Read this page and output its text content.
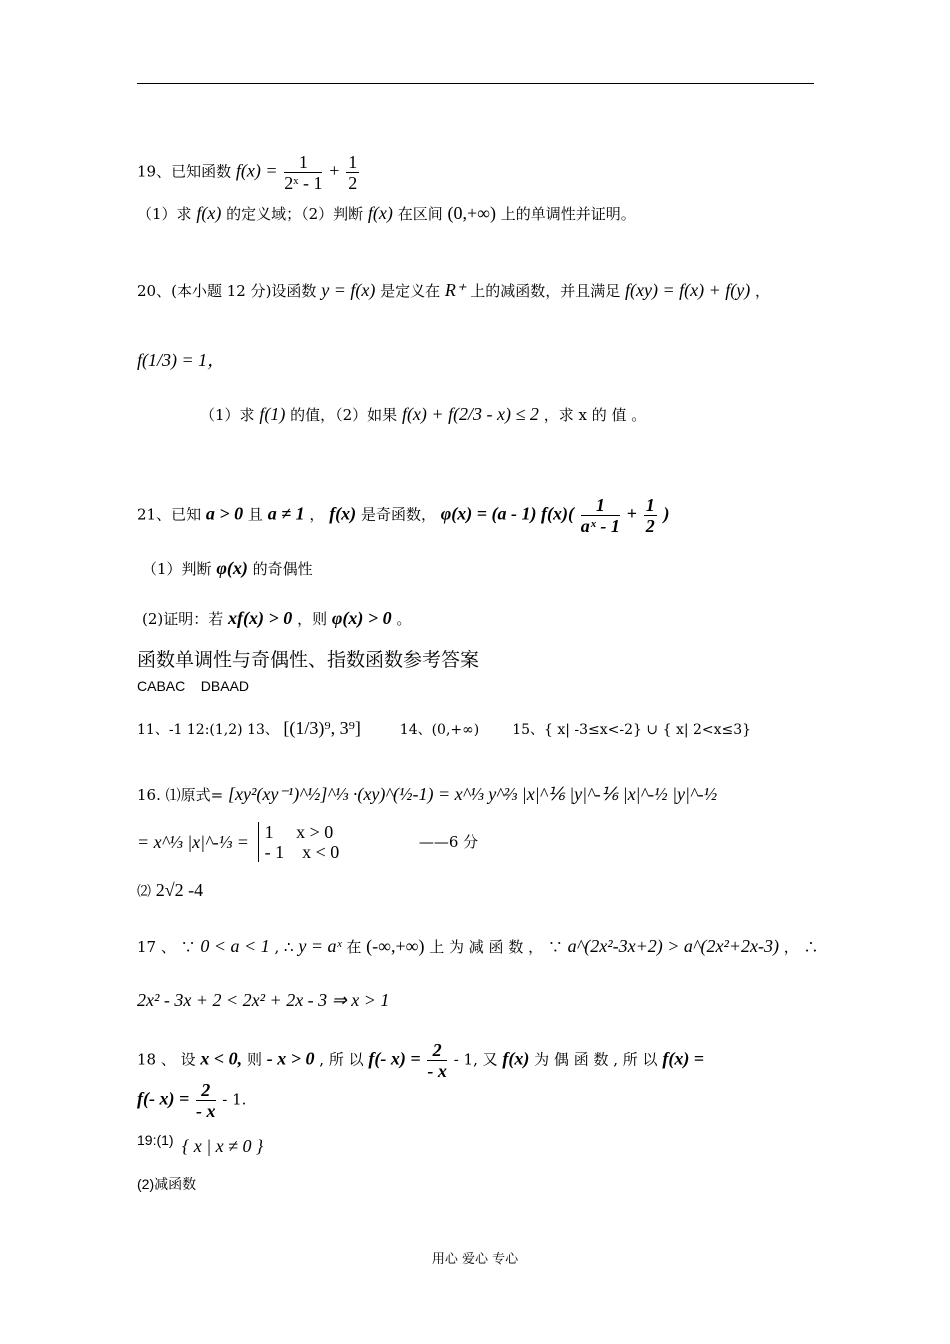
19、已知函数 $f(x) = \frac{1}{\text{2ˣ - 1}} + \frac{1}{2}$
（1）求 f(x) 的定义域；（2）判断 f(x) 在区间 (0,+∞) 上的单调性并证明。
20、(本小题 12 分)设函数 y = f(x) 是定义在 R⁺ 上的减函数，并且满足 f(xy) = f(x) + f(y) ，
f(1/3) = 1，
（1）求 f(1) 的值，（2）如果 f(x) + f(2/3 - x) ≤ 2 ，求 x 的 值 。
21、已知 a > 0 且 a ≠ 1 ， f(x) 是奇函数， φ(x) = (a - 1) $f(x)( \frac{1}{\text{aˣ - 1}} + \frac{1}{2}$ )
（1）判断 φ(x) 的奇偶性
(2)证明：若 xf(x) > 0 ，则 φ(x) > 0 。
函数单调性与奇偶性、指数函数参考答案
CABAC    DBAAD
11、-1 12:(1,2) 13、 [(1/3)⁹, 3⁹]	14、(0,+∞) 15、{ x| -3≤x<-2} ∪ { x| 2<x≤3}
16. ⑴原式= [xy²(xy⁻¹)^½]^⅓ ·(xy)^(½-1) = x^⅓ y^⅔ |x|^⅙ |y|^-⅙ |x|^-½ |y|^-½
= x^⅓ |x|^-⅓ = 1     x > 0
- 1    x < 0	——6 分
⑵ 2√2 -4
17 、 ∵ 0 < a < 1 , ∴ y = aˣ 在 (-∞,+∞) 上 为 减 函 数 ， ∵ a^(2x²-3x+2) > a^(2x²+2x-3) ， ∴
2x² - 3x + 2 < 2x² + 2x - 3 ⇒ x > 1
18 、 设 x < 0, 则 - x > 0 , 所 以 f(- $x) = \frac{2}{- x} - 1$, 又 f(x) 为 偶 函 数 , 所 以 f(x) =
f(- $x) = \frac{2}{- x} - 1$.
19:(1) { x | x ≠ 0 }
(2)减函数
用心 爱心 专心
